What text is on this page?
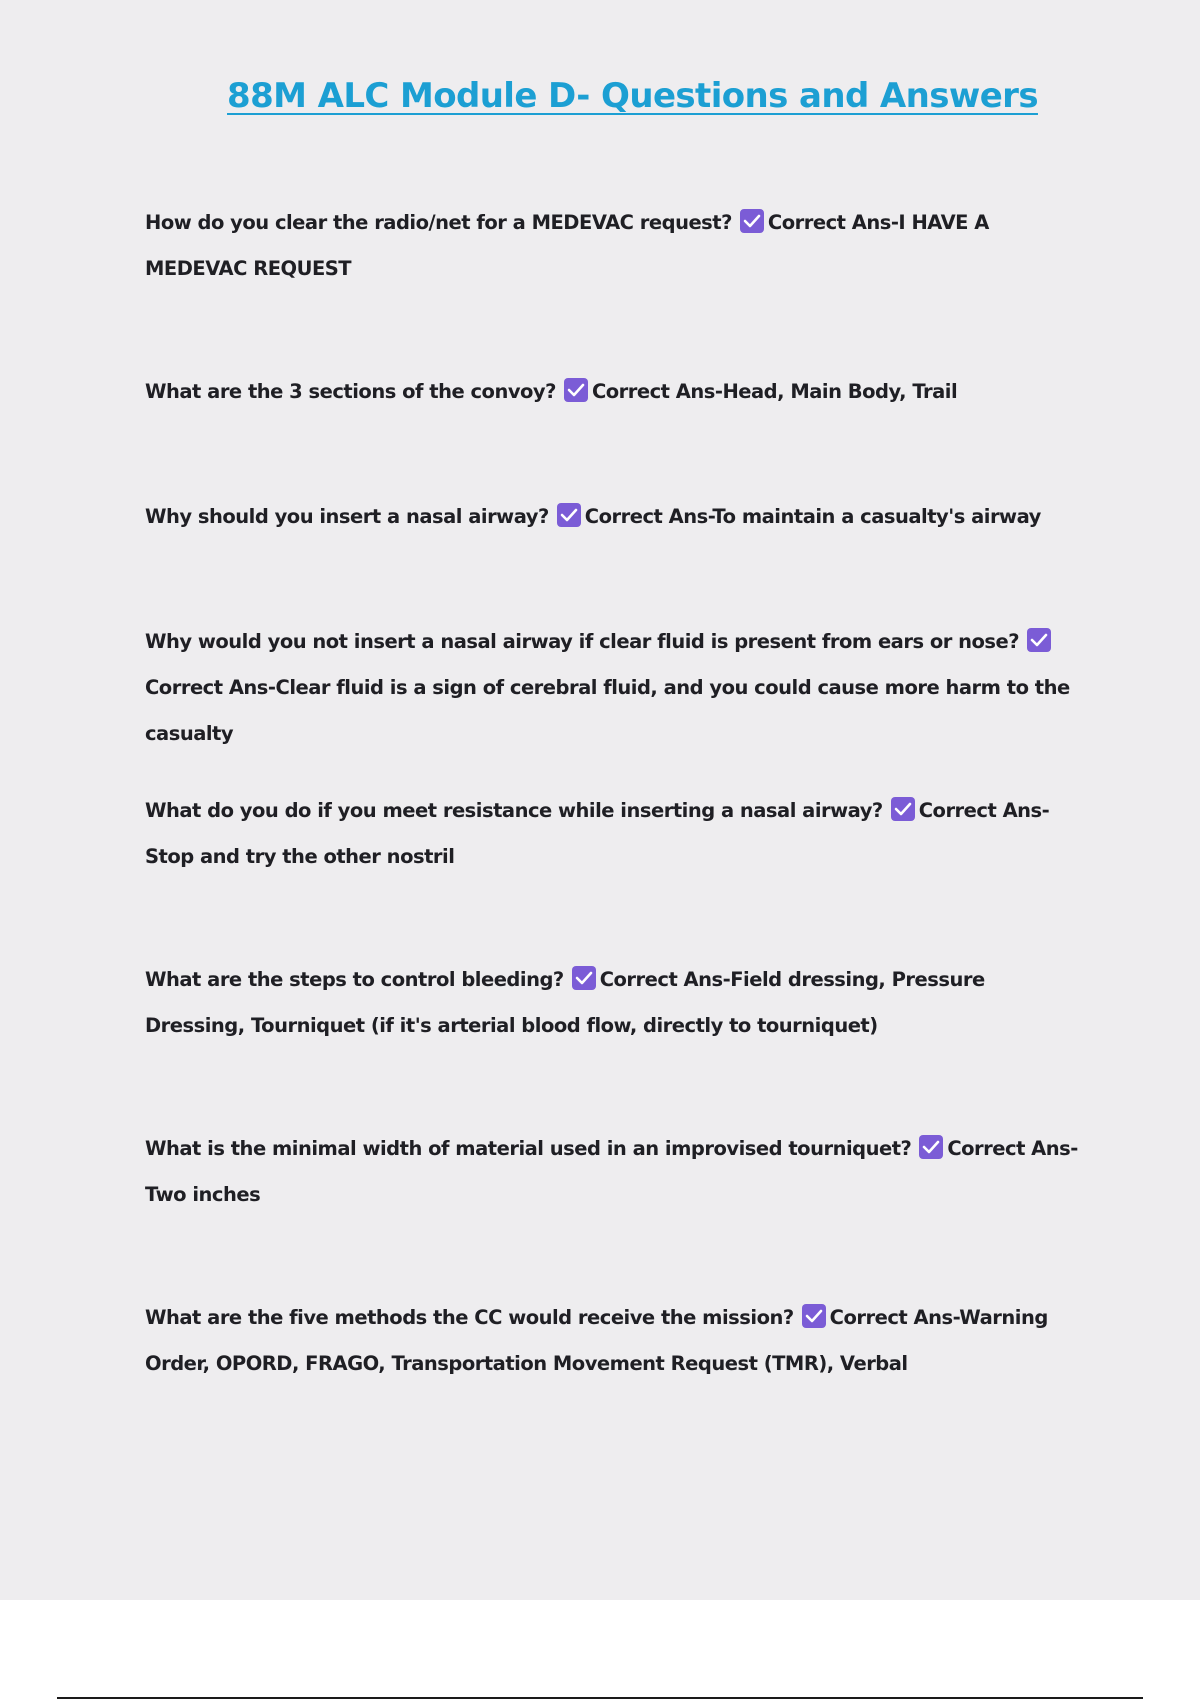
88M ALC Module D- Questions and Answers
How do you clear the radio/net for a MEDEVAC request? Correct Ans-I HAVE A MEDEVAC REQUEST
What are the 3 sections of the convoy? Correct Ans-Head, Main Body, Trail
Why should you insert a nasal airway? Correct Ans-To maintain a casualty's airway
Why would you not insert a nasal airway if clear fluid is present from ears or nose?
Correct Ans-Clear fluid is a sign of cerebral fluid, and you could cause more harm to the casualty
What do you do if you meet resistance while inserting a nasal airway? Correct Ans-Stop and try the other nostril
What are the steps to control bleeding? Correct Ans-Field dressing, Pressure Dressing, Tourniquet (if it's arterial blood flow, directly to tourniquet)
What is the minimal width of material used in an improvised tourniquet? Correct Ans-Two inches
What are the five methods the CC would receive the mission? Correct Ans-Warning Order, OPORD, FRAGO, Transportation Movement Request (TMR), Verbal
